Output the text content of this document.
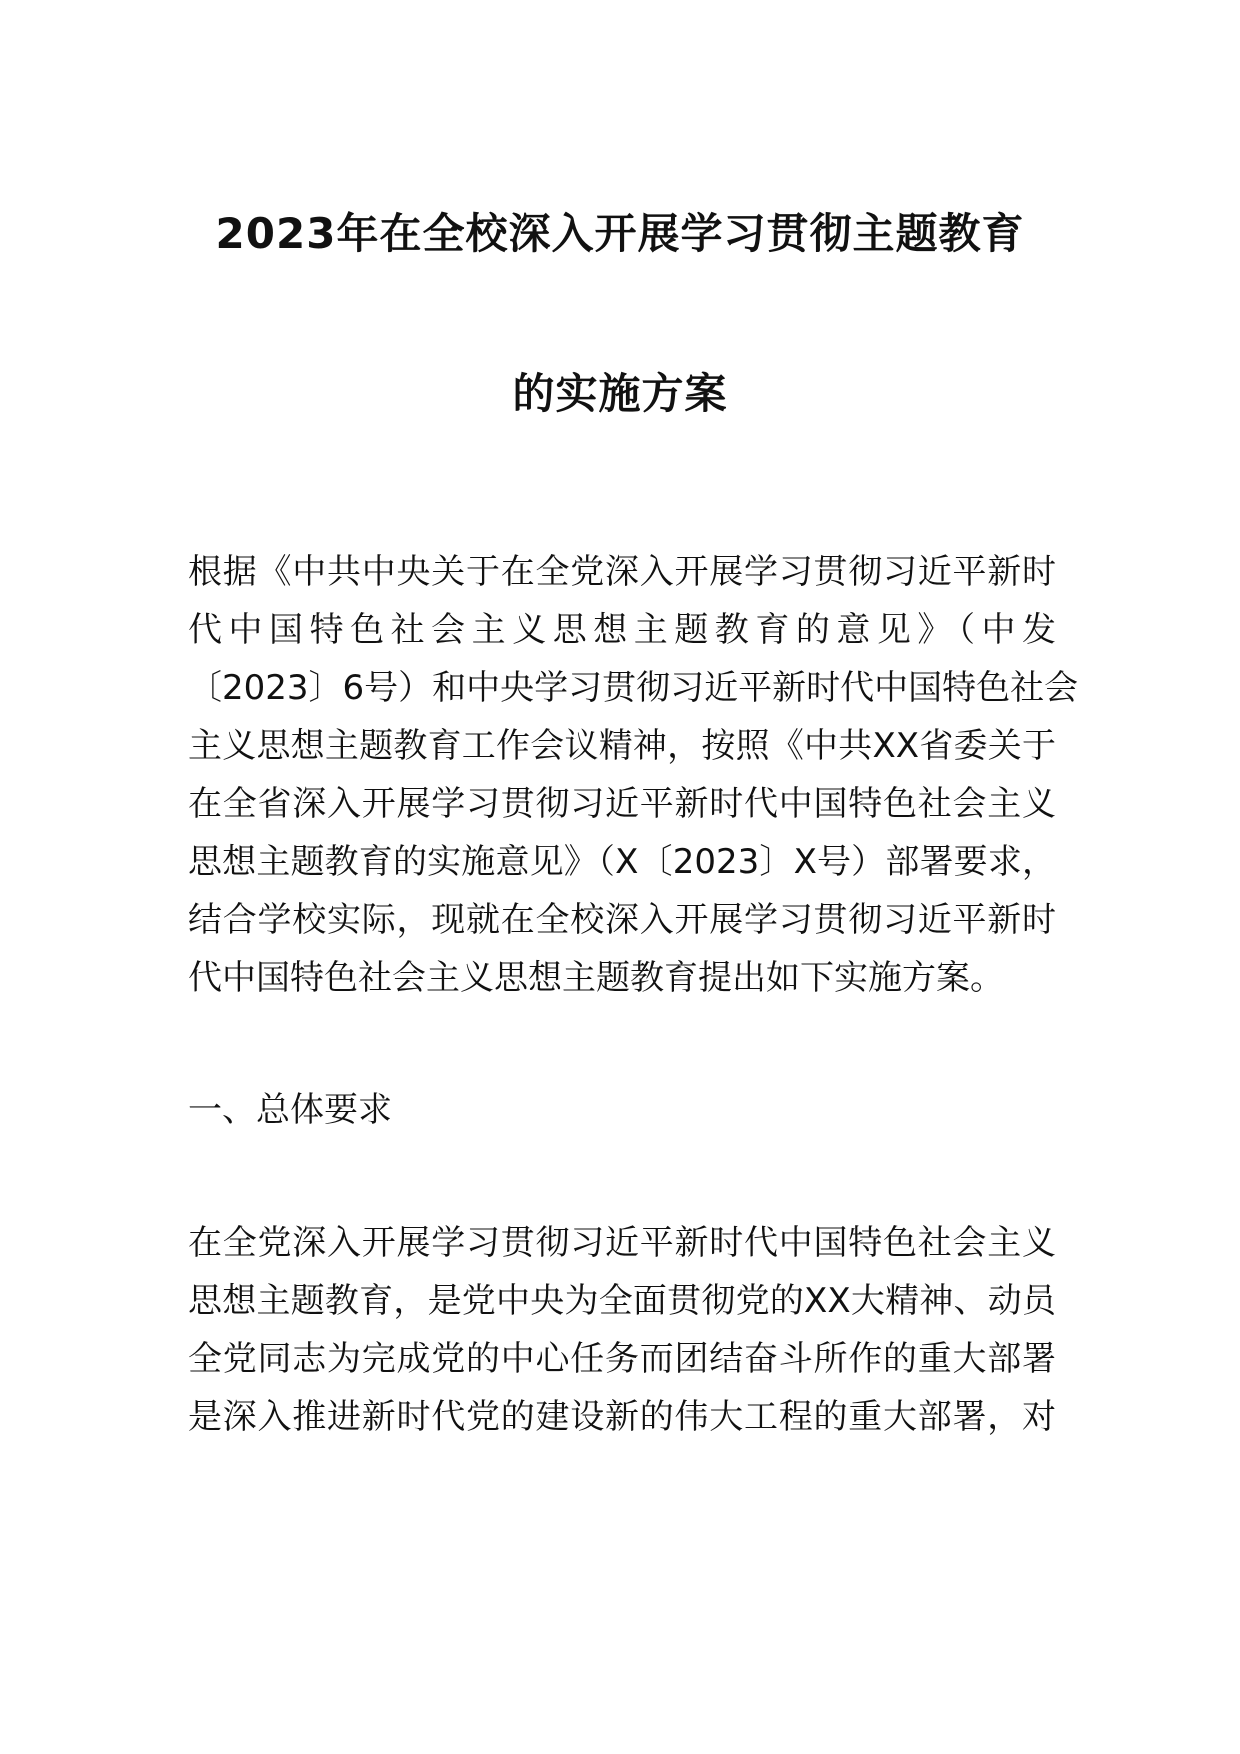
2023年在全校深入开展学习贯彻主题教育
的实施方案
根据《中共中央关于在全党深入开展学习贯彻习近平新时
代中国特色社会主义思想主题教育的意见》（中发
〔2023〕6号）和中央学习贯彻习近平新时代中国特色社会
主义思想主题教育工作会议精神，按照《中共XX省委关于
在全省深入开展学习贯彻习近平新时代中国特色社会主义
思想主题教育的实施意见》（X〔2023〕X号）部署要求，
结合学校实际，现就在全校深入开展学习贯彻习近平新时
代中国特色社会主义思想主题教育提出如下实施方案。
一、总体要求
在全党深入开展学习贯彻习近平新时代中国特色社会主义
思想主题教育，是党中央为全面贯彻党的XX大精神、动员
全党同志为完成党的中心任务而团结奋斗所作的重大部署
是深入推进新时代党的建设新的伟大工程的重大部署，对
